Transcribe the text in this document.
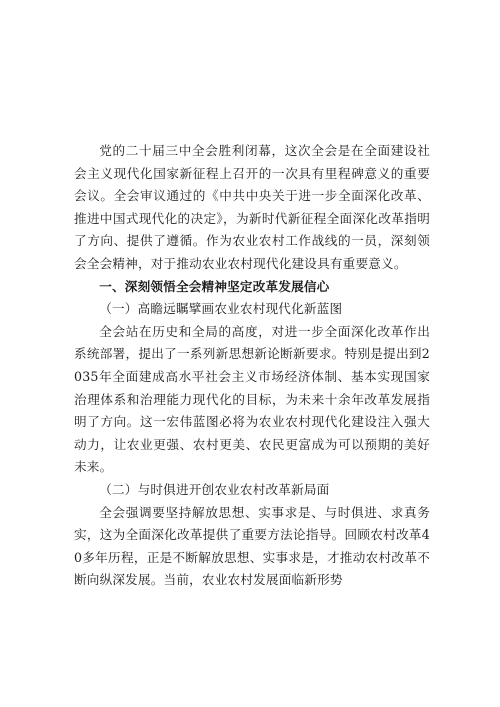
党的二十届三中全会胜利闭幕，这次全会是在全面建设社会主义现代化国家新征程上召开的一次具有里程碑意义的重要会议。全会审议通过的《中共中央关于进一步全面深化改革、推进中国式现代化的决定》，为新时代新征程全面深化改革指明了方向、提供了遵循。作为农业农村工作战线的一员，深刻领会全会精神，对于推动农业农村现代化建设具有重要意义。

一、深刻领悟全会精神坚定改革发展信心

（一）高瞻远瞩擘画农业农村现代化新蓝图

全会站在历史和全局的高度，对进一步全面深化改革作出系统部署，提出了一系列新思想新论断新要求。特别是提出到2035年全面建成高水平社会主义市场经济体制、基本实现国家治理体系和治理能力现代化的目标，为未来十余年改革发展指明了方向。这一宏伟蓝图必将为农业农村现代化建设注入强大动力，让农业更强、农村更美、农民更富成为可以预期的美好未来。

（二）与时俱进开创农业农村改革新局面

全会强调要坚持解放思想、实事求是、与时俱进、求真务实，这为全面深化改革提供了重要方法论指导。回顾农村改革40多年历程，正是不断解放思想、实事求是，才推动农村改革不断向纵深发展。当前，农业农村发展面临新形势
